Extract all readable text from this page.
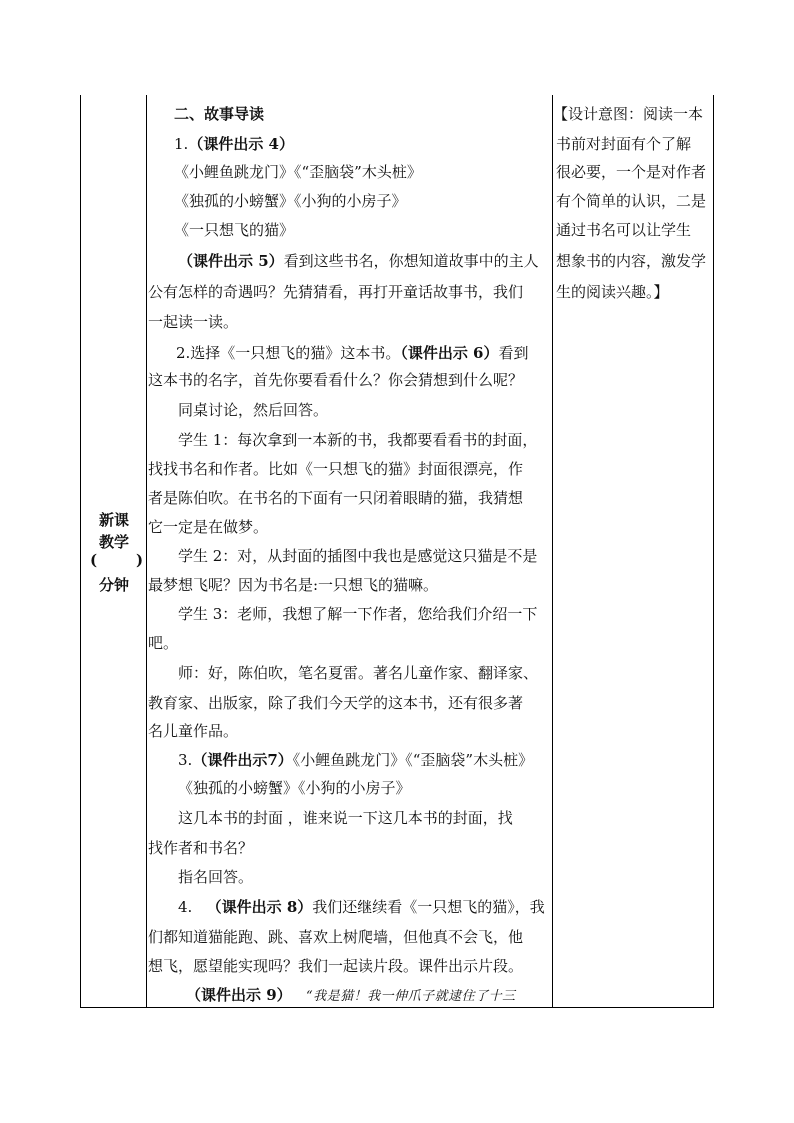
新课
教学
(	)
分钟
二、故事导读
1.（课件出示 4）
《小鲤鱼跳龙门》《“歪脑袋”木头桩》
《独孤的小螃蟹》《小狗的小房子》
《一只想飞的猫》
（课件出示 5）看到这些书名，你想知道故事中的主人
公有怎样的奇遇吗？先猜猜看，再打开童话故事书，我们
一起读一读。
2.选择《一只想飞的猫》这本书。（课件出示 6）看到
这本书的名字，首先你要看看什么？你会猜想到什么呢？
同桌讨论，然后回答。
学生 1：每次拿到一本新的书，我都要看看书的封面，
找找书名和作者。比如《一只想飞的猫》封面很漂亮，作
者是陈伯吹。在书名的下面有一只闭着眼睛的猫，我猜想
它一定是在做梦。
学生 2：对，从封面的插图中我也是感觉这只猫是不是
最梦想飞呢？因为书名是:一只想飞的猫嘛。
学生 3：老师，我想了解一下作者，您给我们介绍一下
吧。
师：好，陈伯吹，笔名夏雷。著名儿童作家、翻译家、
教育家、出版家，除了我们今天学的这本书，还有很多著
名儿童作品。
3.（课件出示7）《小鲤鱼跳龙门》《“歪脑袋”木头桩》
《独孤的小螃蟹》《小狗的小房子》
这几本书的封面 ，谁来说一下这几本书的封面，找
找作者和书名？
指名回答。
4. （课件出示 8）我们还继续看《一只想飞的猫》，我
们都知道猫能跑、跳、喜欢上树爬墙，但他真不会飞，他
想飞，愿望能实现吗？我们一起读片段。课件出示片段。
（课件出示 9） “我是猫！我一伸爪子就逮住了十三
【设计意图：阅读一本
书前对封面有个了解
很必要，一个是对作者
有个简单的认识，二是
通过书名可以让学生
想象书的内容，激发学
生的阅读兴趣。】
